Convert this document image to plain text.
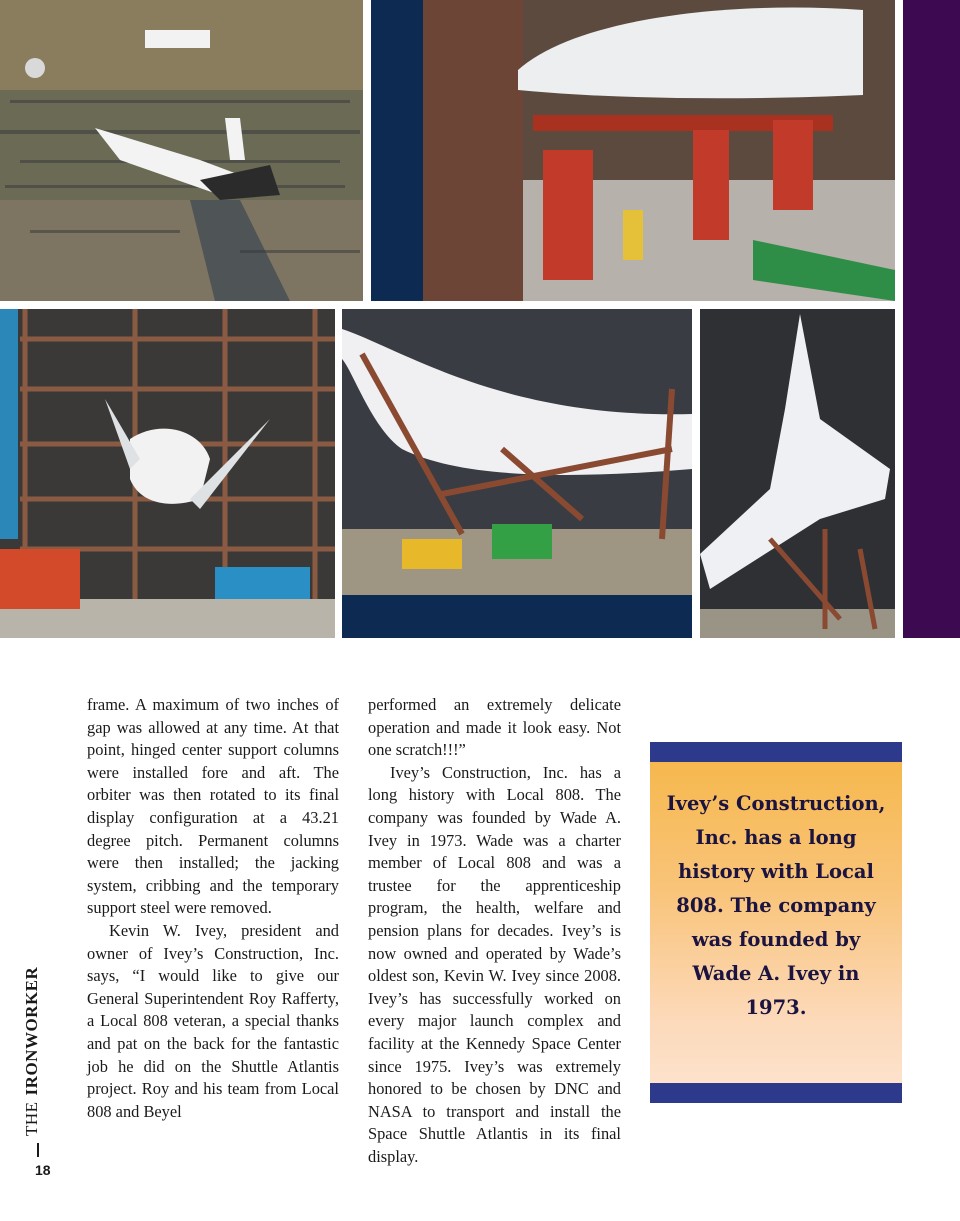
frame. A maximum of two inches of gap was allowed at any time. At that point, hinged center support columns were installed fore and aft. The orbiter was then rotated to its final display configuration at a 43.21 degree pitch. Permanent columns were then installed; the jacking system, cribbing and the temporary support steel were removed.

Kevin W. Ivey, president and owner of Ivey’s Construction, Inc. says, “I would like to give our General Superintendent Roy Rafferty, a Local 808 veteran, a special thanks and pat on the back for the fantastic job he did on the Shuttle Atlantis project. Roy and his team from Local 808 and Beyel

performed an extremely delicate operation and made it look easy. Not one scratch!!!”

Ivey’s Construction, Inc. has a long history with Local 808. The company was founded by Wade A. Ivey in 1973. Wade was a charter member of Local 808 and was a trustee for the apprenticeship program, the health, welfare and pension plans for decades. Ivey’s is now owned and operated by Wade’s oldest son, Kevin W. Ivey since 2008. Ivey’s has successfully worked on every major launch complex and facility at the Kennedy Space Center since 1975. Ivey’s was extremely honored to be chosen by DNC and NASA to transport and install the Space Shuttle Atlantis in its final display.

Ivey’s Construction, Inc. has a long history with Local 808. The company was founded by Wade A. Ivey in 1973.
THEIRONWORKER
18
